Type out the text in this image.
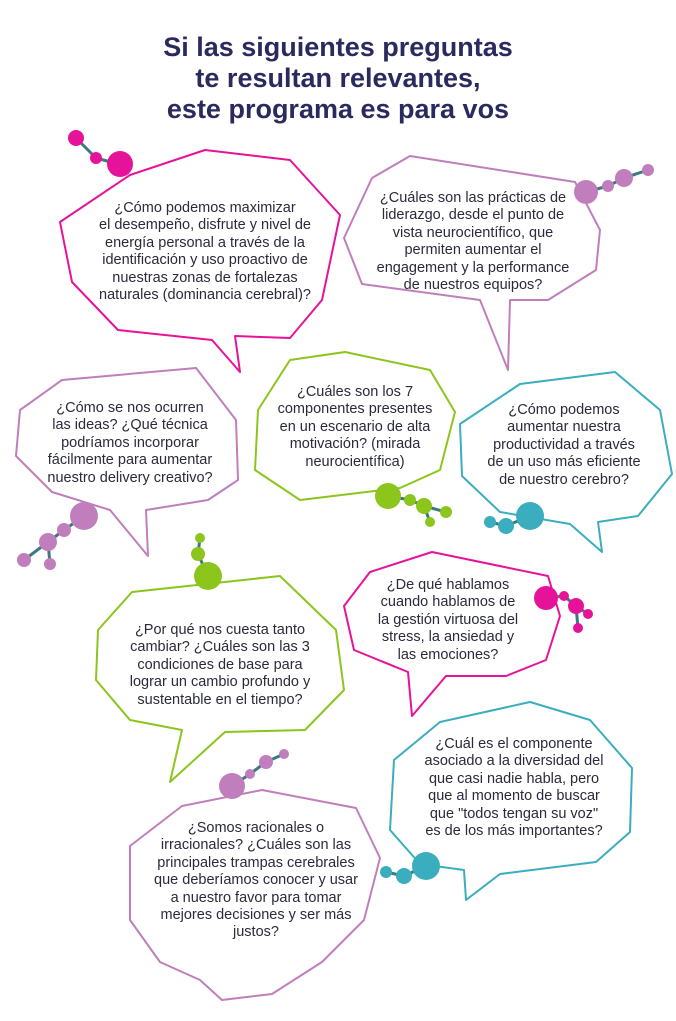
Si las siguientes preguntas
te resultan relevantes,
este programa es para vos
¿Cómo podemos maximizar
el desempeño, disfrute y nivel de
energía personal a través de la
identificación y uso proactivo de
nuestras zonas de fortalezas
naturales (dominancia cerebral)?
¿Cuáles son las prácticas de
liderazgo, desde el punto de
vista neurocientífico, que
permiten aumentar el
engagement y la performance
de nuestros equipos?
¿Cómo se nos ocurren
las ideas? ¿Qué técnica
podríamos incorporar
fácilmente para aumentar
nuestro delivery creativo?
¿Cuáles son los 7
componentes presentes
en un escenario de alta
motivación? (mirada
neurocientífica)
¿Cómo podemos
aumentar nuestra
productividad a través
de un uso más eficiente
de nuestro cerebro?
¿De qué hablamos
cuando hablamos de
la gestión virtuosa del
stress, la ansiedad y
las emociones?
¿Por qué nos cuesta tanto
cambiar? ¿Cuáles son las 3
condiciones de base para
lograr un cambio profundo y
sustentable en el tiempo?
¿Cuál es el componente
asociado a la diversidad del
que casi nadie habla, pero
que al momento de buscar
que "todos tengan su voz"
es de los más importantes?
¿Somos racionales o
irracionales? ¿Cuáles son las
principales trampas cerebrales
que deberíamos conocer y usar
a nuestro favor para tomar
mejores decisiones y ser más
justos?
